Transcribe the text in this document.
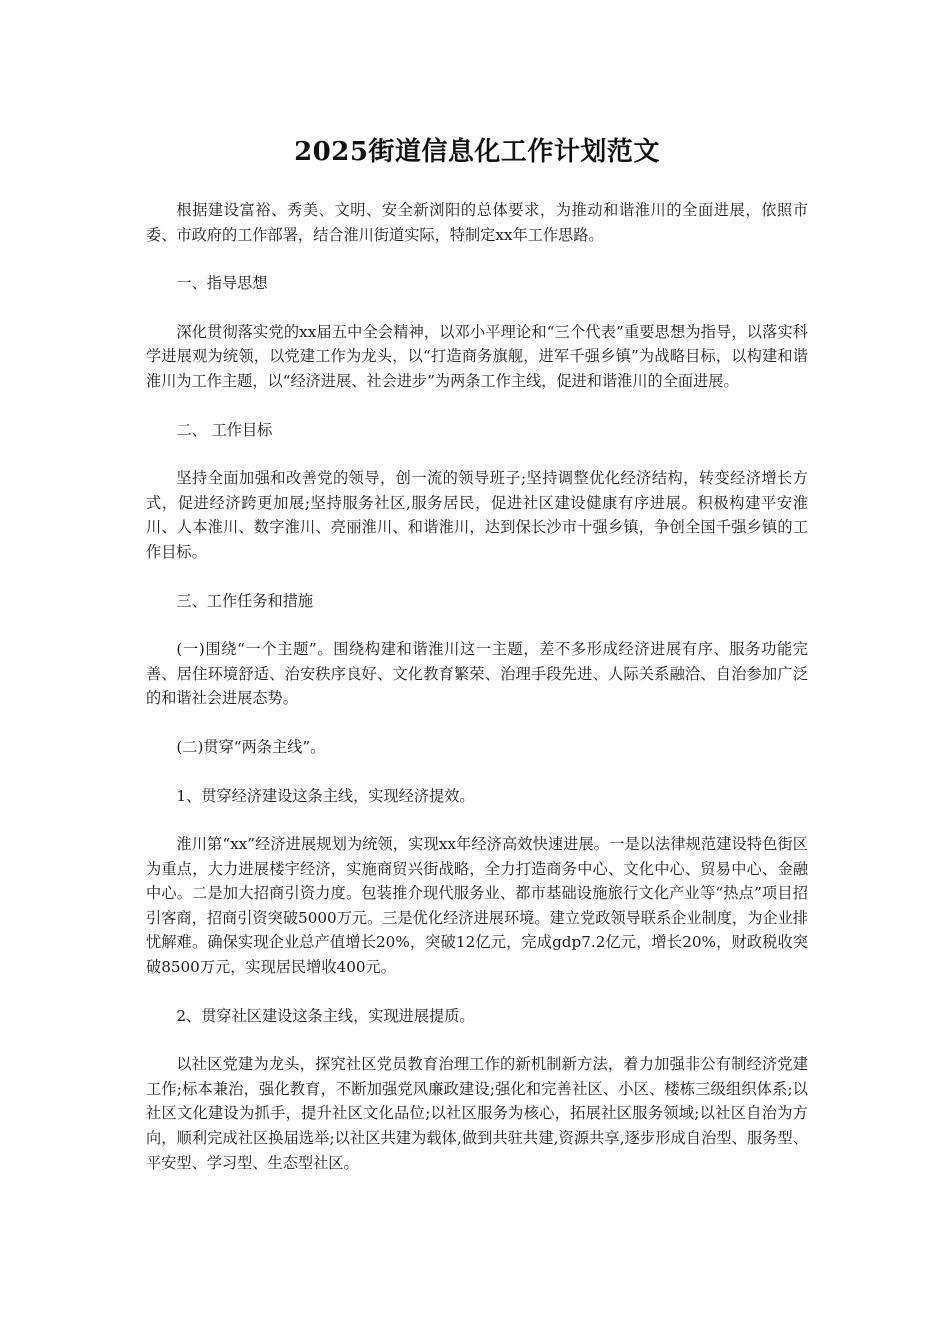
2025街道信息化工作计划范文

根据建设富裕、秀美、文明、安全新浏阳的总体要求，为推动和谐淮川的全面进展，依照市委、市政府的工作部署，结合淮川街道实际，特制定xx年工作思路。

一、指导思想

深化贯彻落实党的xx届五中全会精神，以邓小平理论和“三个代表”重要思想为指导，以落实科学进展观为统领，以党建工作为龙头，以“打造商务旗舰，进军千强乡镇”为战略目标，以构建和谐淮川为工作主题，以“经济进展、社会进步”为两条工作主线，促进和谐淮川的全面进展。

二、 工作目标

坚持全面加强和改善党的领导，创一流的领导班子;坚持调整优化经济结构，转变经济增长方式，促进经济跨更加展;坚持服务社区,服务居民，促进社区建设健康有序进展。积极构建平安淮川、人本淮川、数字淮川、亮丽淮川、和谐淮川，达到保长沙市十强乡镇，争创全国千强乡镇的工作目标。

三、工作任务和措施

(一)围绕“一个主题”。围绕构建和谐淮川这一主题，差不多形成经济进展有序、服务功能完善、居住环境舒适、治安秩序良好、文化教育繁荣、治理手段先进、人际关系融洽、自治参加广泛的和谐社会进展态势。

(二)贯穿“两条主线”。

1、贯穿经济建设这条主线，实现经济提效。

淮川第“xx”经济进展规划为统领，实现xx年经济高效快速进展。一是以法律规范建设特色街区为重点，大力进展楼宇经济，实施商贸兴街战略，全力打造商务中心、文化中心、贸易中心、金融中心。二是加大招商引资力度。包装推介现代服务业、都市基础设施旅行文化产业等“热点”项目招引客商，招商引资突破5000万元。三是优化经济进展环境。建立党政领导联系企业制度，为企业排忧解难。确保实现企业总产值增长20%，突破12亿元，完成gdp7.2亿元，增长20%，财政税收突破8500万元，实现居民增收400元。

2、贯穿社区建设这条主线，实现进展提质。

以社区党建为龙头，探究社区党员教育治理工作的新机制新方法，着力加强非公有制经济党建工作;标本兼治，强化教育，不断加强党风廉政建设;强化和完善社区、小区、楼栋三级组织体系;以社区文化建设为抓手，提升社区文化品位;以社区服务为核心，拓展社区服务领域;以社区自治为方向，顺利完成社区换届选举;以社区共建为载体,做到共驻共建,资源共享,逐步形成自治型、服务型、平安型、学习型、生态型社区。
